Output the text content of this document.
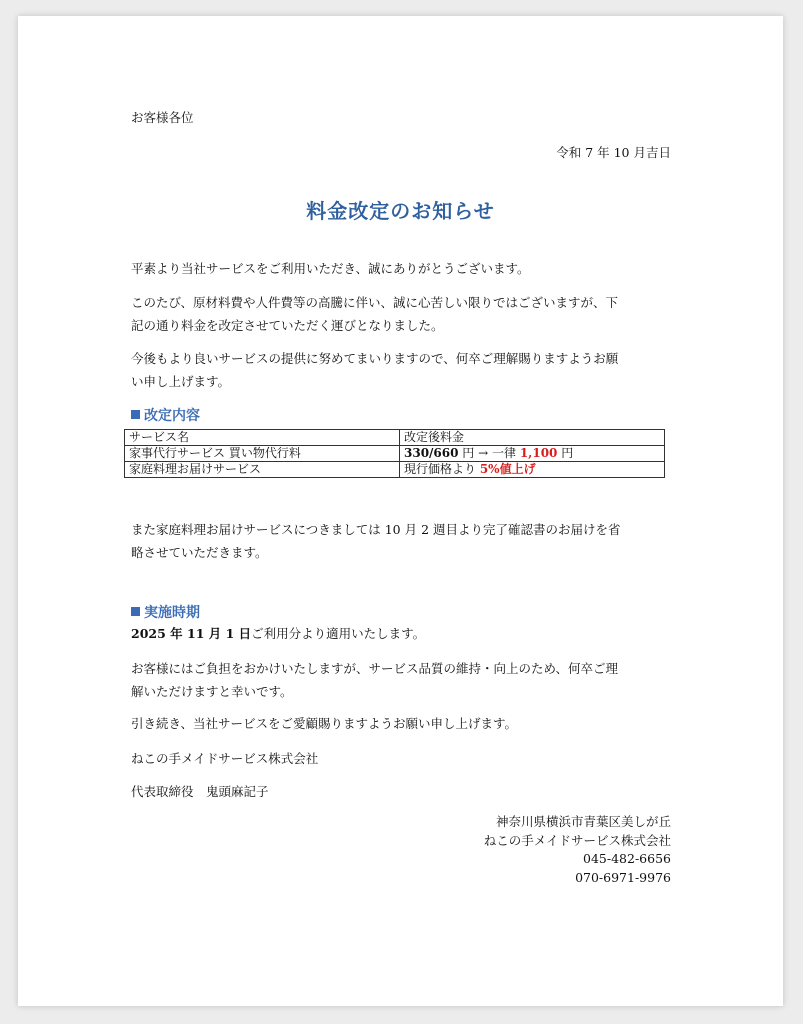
お客様各位
令和 7 年 10 月吉日
料金改定のお知らせ
平素より当社サービスをご利用いただき、誠にありがとうございます。
このたび、原材料費や人件費等の高騰に伴い、誠に心苦しい限りではございますが、下
記の通り料金を改定させていただく運びとなりました。
今後もより良いサービスの提供に努めてまいりますので、何卒ご理解賜りますようお願
い申し上げます。
改定内容
サービス名	改定後料金
家事代行サービス 買い物代行料	330/660 円 → 一律 1,100 円
家庭料理お届けサービス	現行価格より 5%値上げ
また家庭料理お届けサービスにつきましては 10 月 2 週目より完了確認書のお届けを省
略させていただきます。
実施時期
2025 年 11 月 1 日ご利用分より適用いたします。
お客様にはご負担をおかけいたしますが、サービス品質の維持・向上のため、何卒ご理
解いただけますと幸いです。
引き続き、当社サービスをご愛顧賜りますようお願い申し上げます。
ねこの手メイドサービス株式会社
代表取締役　鬼頭麻記子
神奈川県横浜市青葉区美しが丘
ねこの手メイドサービス株式会社
045-482-6656
070-6971-9976
